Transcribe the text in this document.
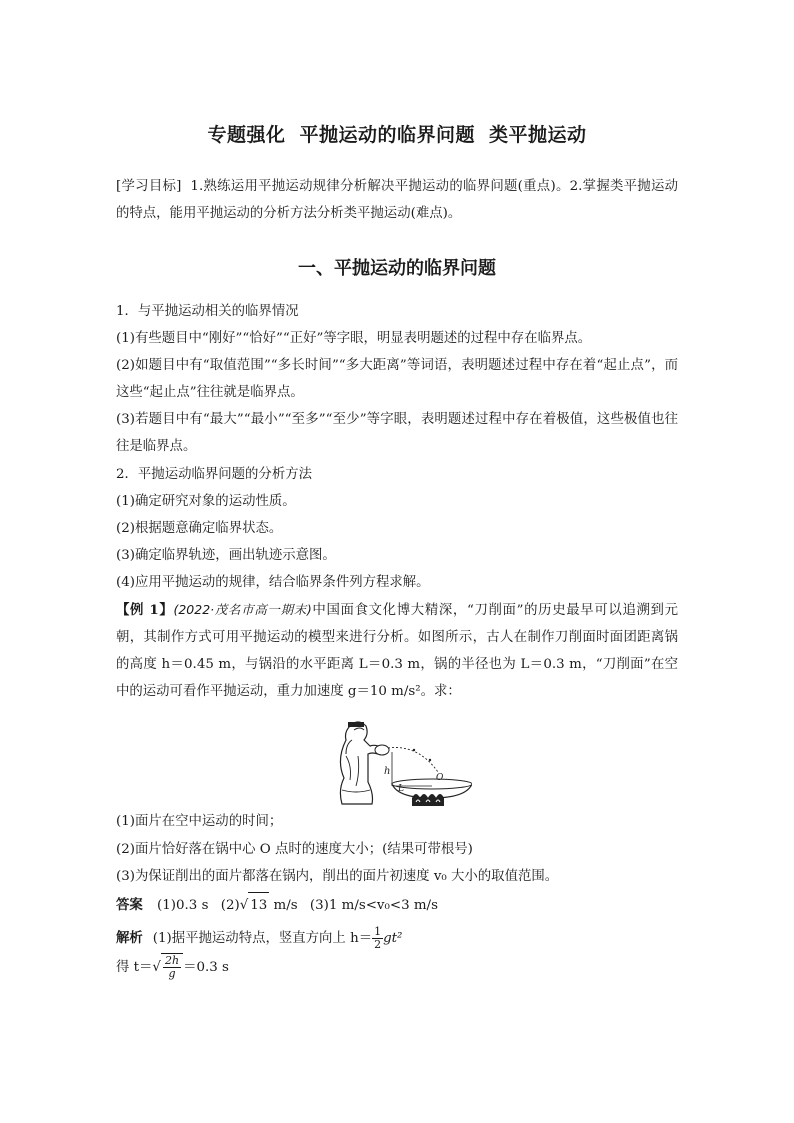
专题强化 平抛运动的临界问题 类平抛运动
[学习目标] 1.熟练运用平抛运动规律分析解决平抛运动的临界问题(重点)。2.掌握类平抛运动的特点，能用平抛运动的分析方法分析类平抛运动(难点)。
一、平抛运动的临界问题

1．与平抛运动相关的临界情况

(1)有些题目中“刚好”“恰好”“正好”等字眼，明显表明题述的过程中存在临界点。

(2)如题目中有“取值范围”“多长时间”“多大距离”等词语，表明题述过程中存在着“起止点”，而这些“起止点”往往就是临界点。

(3)若题目中有“最大”“最小”“至多”“至少”等字眼，表明题述过程中存在着极值，这些极值也往往是临界点。

2．平抛运动临界问题的分析方法

(1)确定研究对象的运动性质。

(2)根据题意确定临界状态。

(3)确定临界轨迹，画出轨迹示意图。

(4)应用平抛运动的规律，结合临界条件列方程求解。

【例 1】(2022·茂名市高一期末)中国面食文化博大精深，“刀削面”的历史最早可以追溯到元朝，其制作方式可用平抛运动的模型来进行分析。如图所示，古人在制作刀削面时面团距离锅的高度 h＝0.45 m，与锅沿的水平距离 L＝0.3 m，锅的半径也为 L＝0.3 m，“刀削面”在空中的运动可看作平抛运动，重力加速度 g＝10 m/s²。求：

h
L
O

(1)面片在空中运动的时间；

(2)面片恰好落在锅中心 O 点时的速度大小；(结果可带根号)

(3)为保证削出的面片都落在锅内，削出的面片初速度 v₀ 大小的取值范围。

答案 (1)0.3 s (2)√ 13 m/s (3)1 m/s<v₀<3 m/s
解析 (1)据平抛运动特点，竖直方向上 $h= \frac{1}{2} gt^2$
得 $t=√ \frac{2h}{g} =0.3$ s
